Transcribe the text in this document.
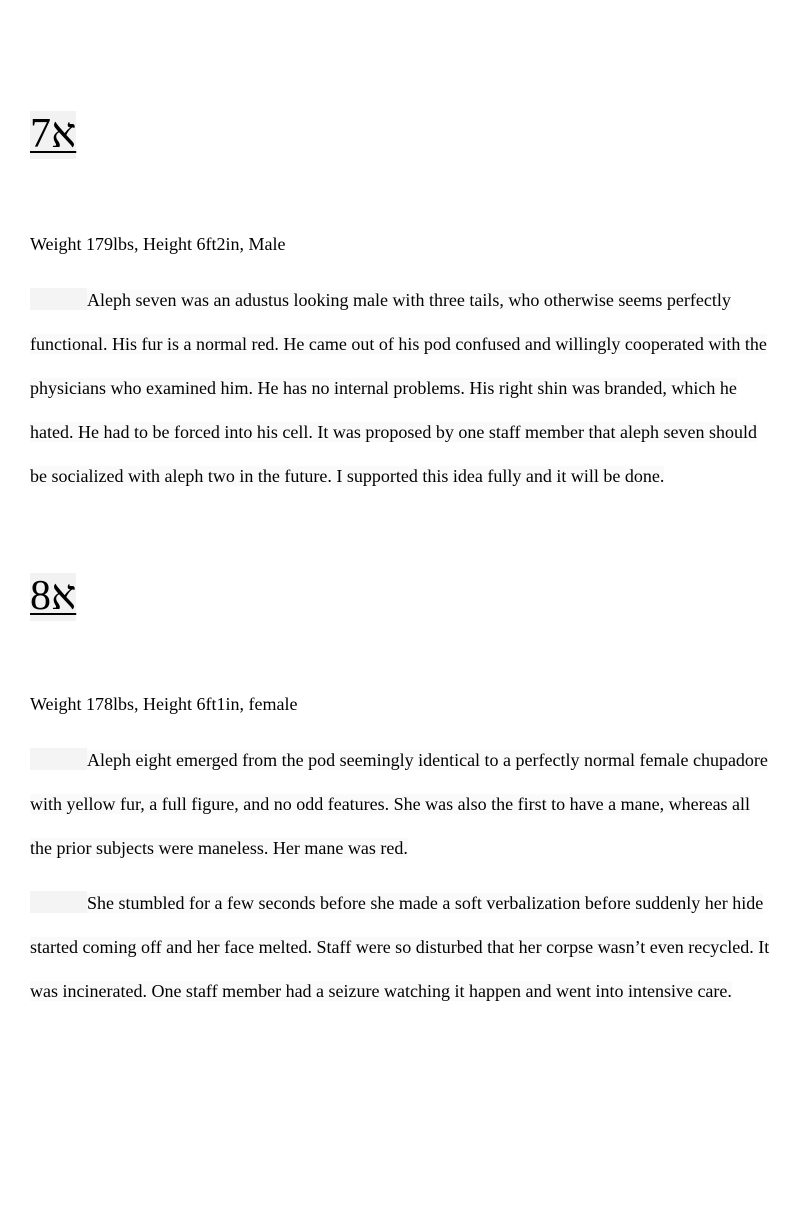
א7
Weight 179lbs, Height 6ft2in, Male

Aleph seven was an adustus looking male with three tails, who otherwise seems perfectly functional. His fur is a normal red. He came out of his pod confused and willingly cooperated with the physicians who examined him. He has no internal problems. His right shin was branded, which he hated. He had to be forced into his cell. It was proposed by one staff member that aleph seven should be socialized with aleph two in the future. I supported this idea fully and it will be done.

א8
Weight 178lbs, Height 6ft1in, female

Aleph eight emerged from the pod seemingly identical to a perfectly normal female chupadore with yellow fur, a full figure, and no odd features. She was also the first to have a mane, whereas all the prior subjects were maneless. Her mane was red.

She stumbled for a few seconds before she made a soft verbalization before suddenly her hide started coming off and her face melted. Staff were so disturbed that her corpse wasn’t even recycled. It was incinerated. One staff member had a seizure watching it happen and went into intensive care.
